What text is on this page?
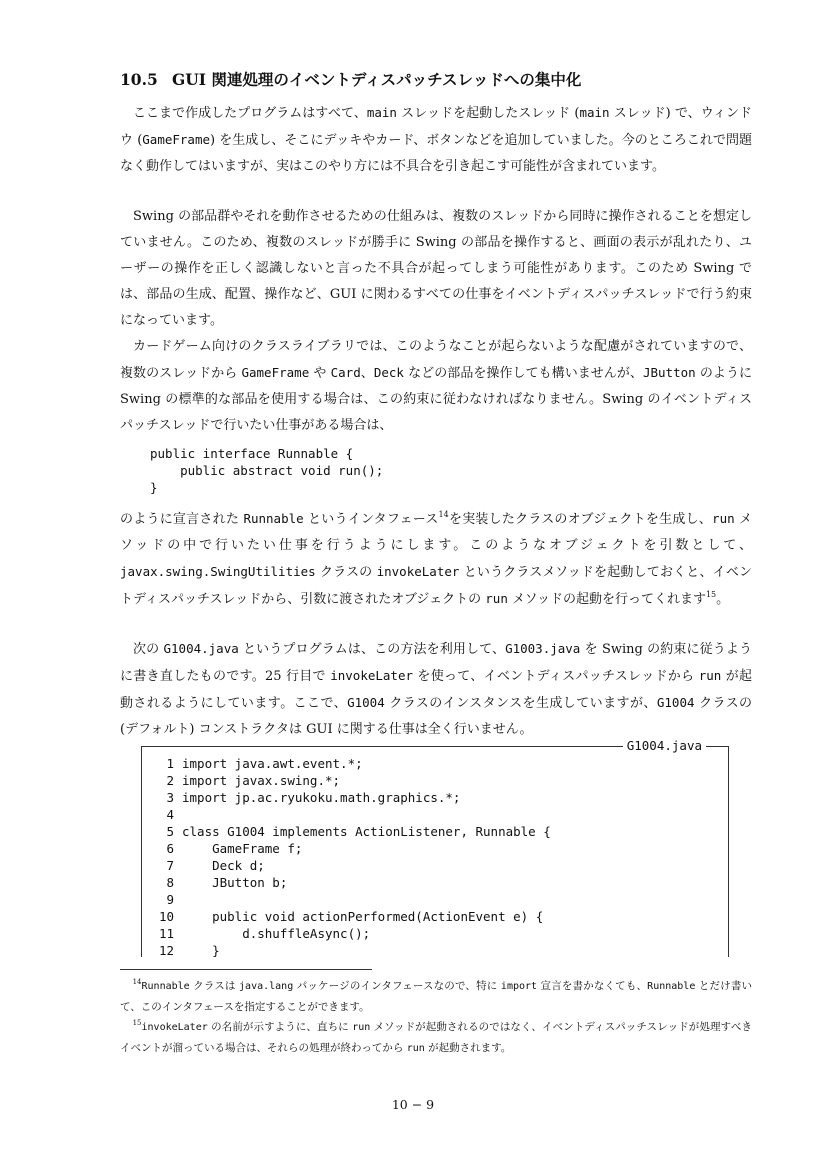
10.5 GUI 関連処理のイベントディスパッチスレッドへの集中化

ここまで作成したプログラムはすべて、main スレッドを起動したスレッド (main スレッド) で、ウィンドウ (GameFrame) を生成し、そこにデッキやカード、ボタンなどを追加していました。今のところこれで問題なく動作してはいますが、実はこのやり方には不具合を引き起こす可能性が含まれています。

Swing の部品群やそれを動作させるための仕組みは、複数のスレッドから同時に操作されることを想定していません。このため、複数のスレッドが勝手に Swing の部品を操作すると、画面の表示が乱れたり、ユーザーの操作を正しく認識しないと言った不具合が起ってしまう可能性があります。このため Swing では、部品の生成、配置、操作など、GUI に関わるすべての仕事をイベントディスパッチスレッドで行う約束になっています。

カードゲーム向けのクラスライブラリでは、このようなことが起らないような配慮がされていますので、複数のスレッドから GameFrame や Card、Deck などの部品を操作しても構いませんが、JButton のように Swing の標準的な部品を使用する場合は、この約束に従わなければなりません。Swing のイベントディスパッチスレッドで行いたい仕事がある場合は、

public interface Runnable {
public abstract void run();
}

のように宣言された Runnable というインタフェース$^{14}$を実装したクラスのオブジェクトを生成し、run メソッドの中で行いたい仕事を行うようにします。このようなオブジェクトを引数として、javax.swing.SwingUtilities クラスの invokeLater というクラスメソッドを起動しておくと、イベントディスパッチスレッドから、引数に渡されたオブジェクトの run メソッドの起動を行ってくれます$^{15}$。

次の G1004.java というプログラムは、この方法を利用して、G1003.java を Swing の約束に従うように書き直したものです。25 行目で invokeLater を使って、イベントディスパッチスレッドから run が起動されるようにしています。ここで、G1004 クラスのインスタンスを生成していますが、G1004 クラスの (デフォルト) コンストラクタは GUI に関する仕事は全く行いません。

G1004.java
1 import java.awt.event.*;
2 import javax.swing.*;
3 import jp.ac.ryukoku.math.graphics.*;
4
5 class G1004 implements ActionListener, Runnable {
6    GameFrame f;
7    Deck d;
8    JButton b;
9
10    public void actionPerformed(ActionEvent e) {
11        d.shuffleAsync();
12    }

$^{14}$Runnable クラスは java.lang パッケージのインタフェースなので、特に import 宣言を書かなくても、Runnable とだけ書いて、このインタフェースを指定することができます。

$^{15}$invokeLater の名前が示すように、直ちに run メソッドが起動されるのではなく、イベントディスパッチスレッドが処理すべきイベントが溜っている場合は、それらの処理が終わってから run が起動されます。

10 − 9
